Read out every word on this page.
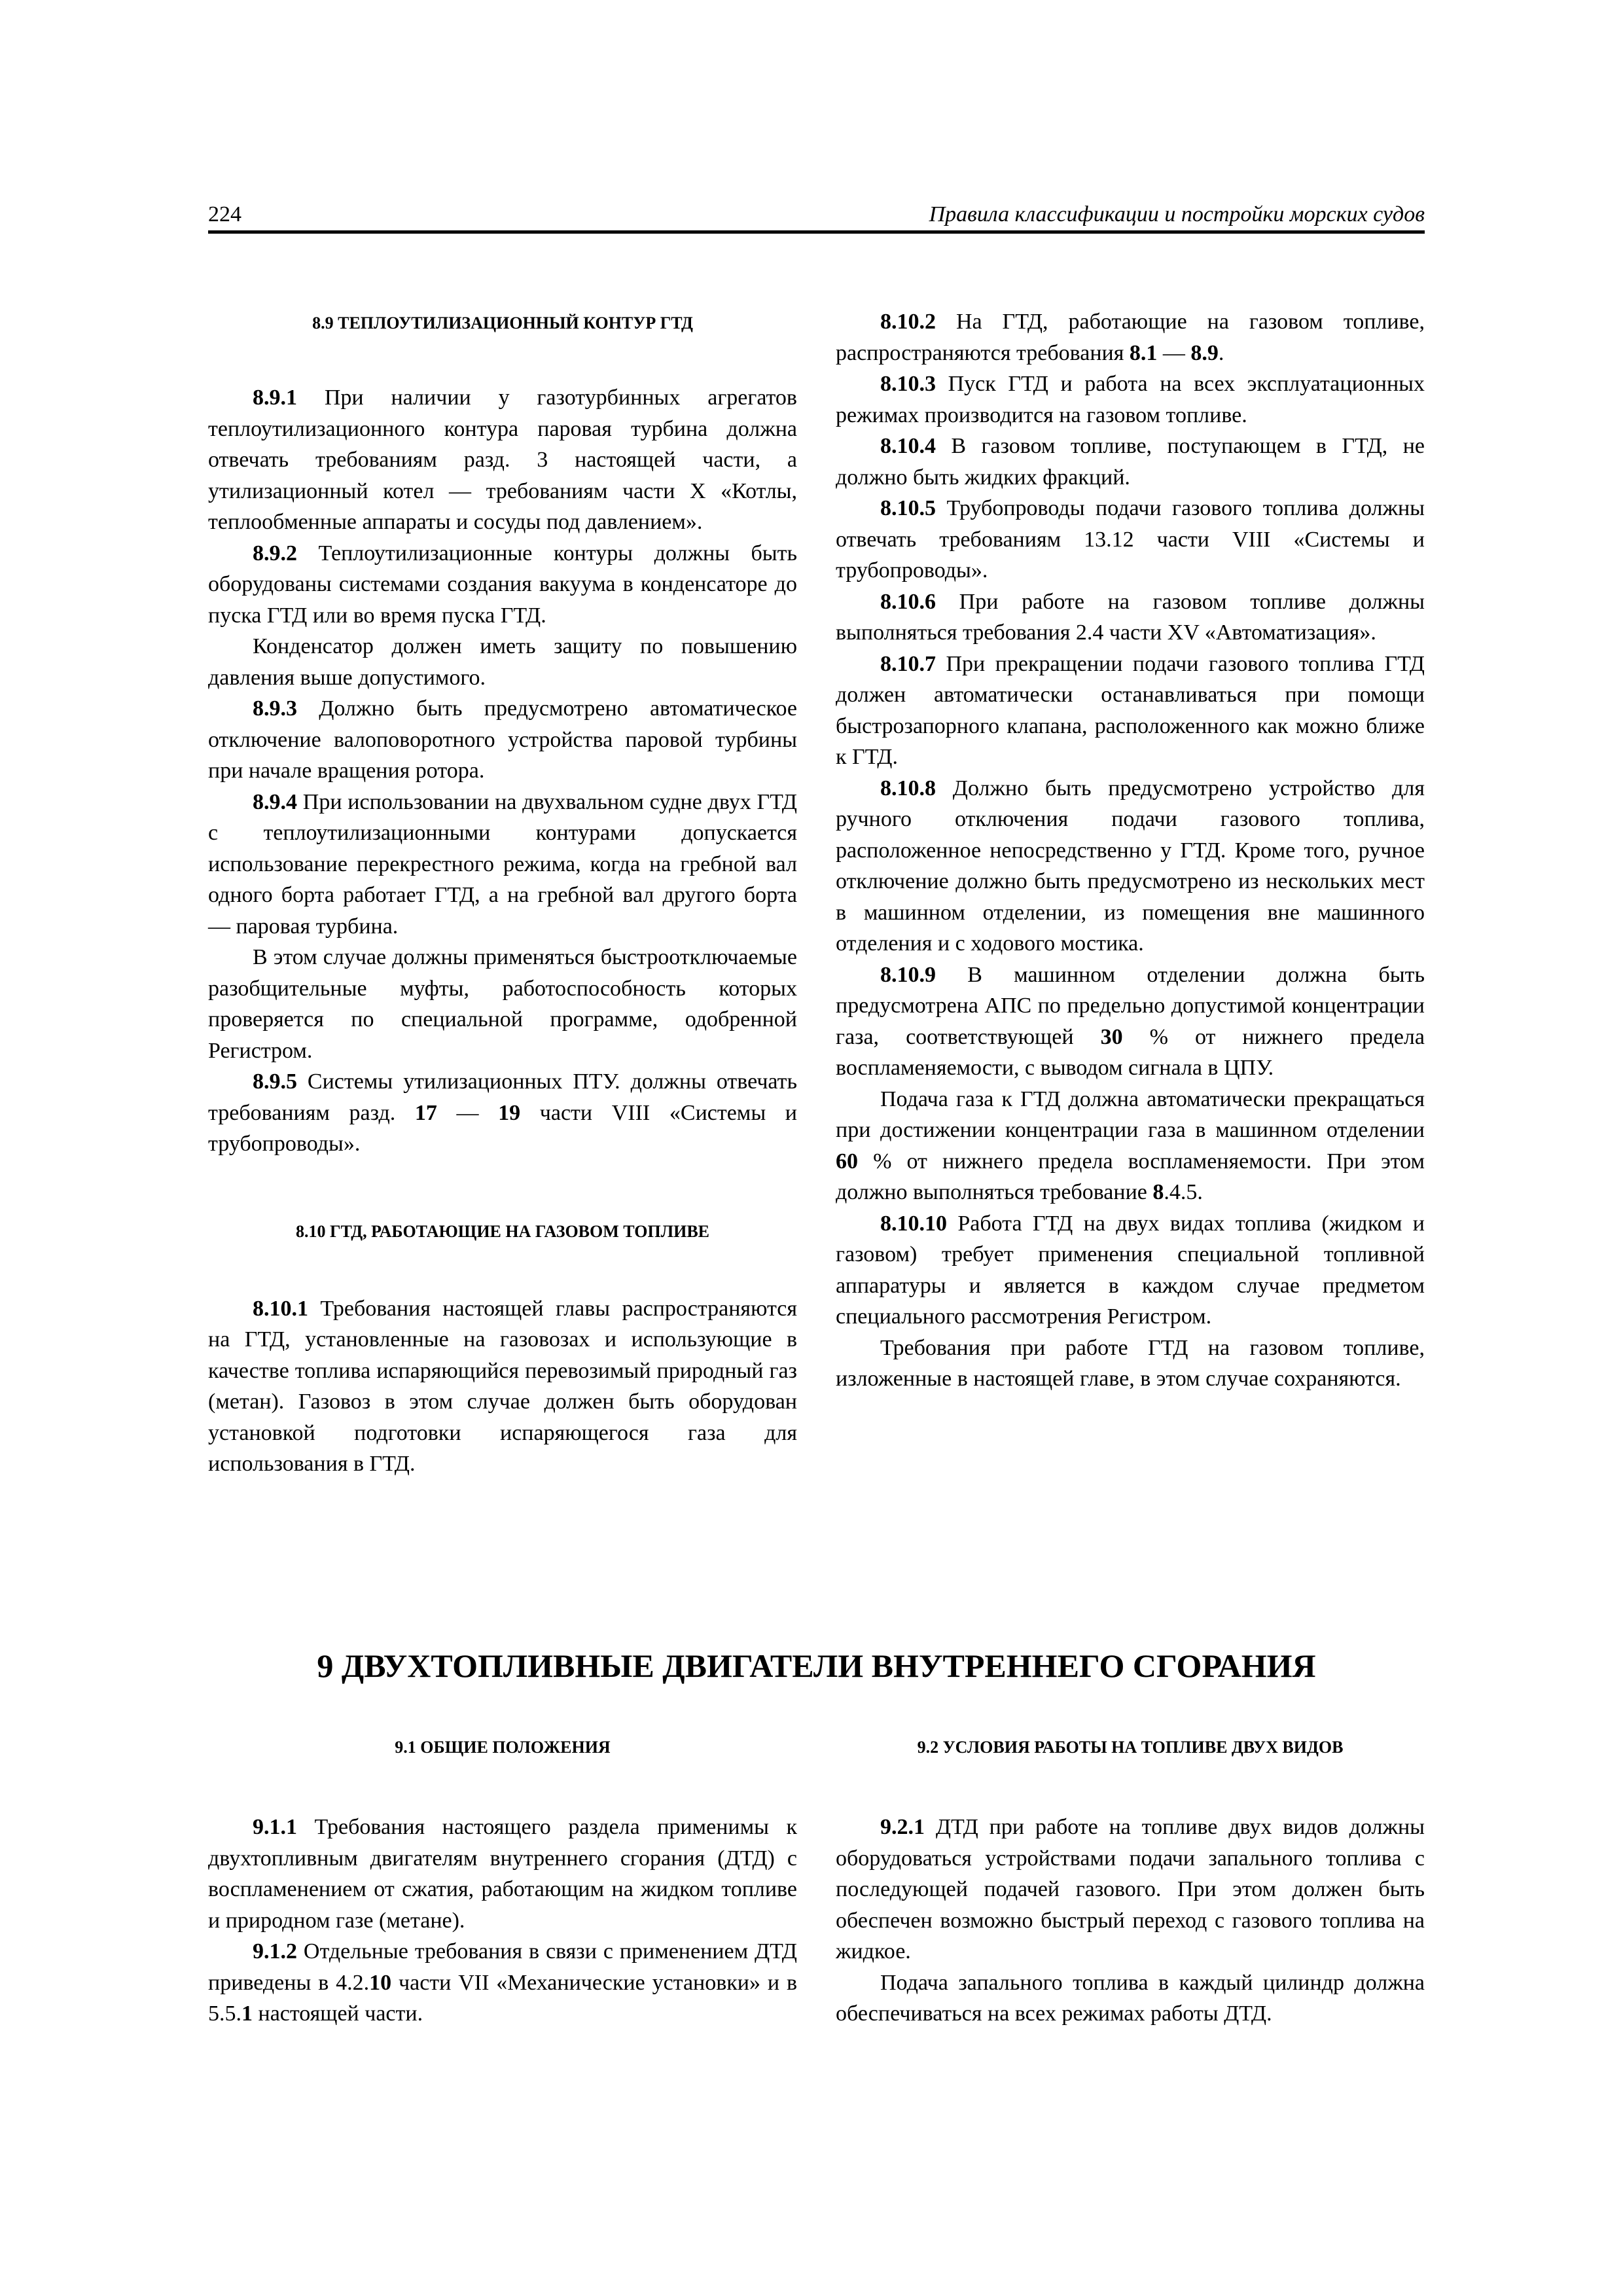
224	Правила классификации и постройки морских судов
8.9 ТЕПЛОУТИЛИЗАЦИОННЫЙ КОНТУР ГТД

8.9.1 При наличии у газотурбинных агрегатов теплоутилизационного контура паровая турбина должна отвечать требованиям разд. 3 настоящей части, а утилизационный котел — требованиям части X «Котлы, теплообменные аппараты и сосуды под давлением».

8.9.2 Теплоутилизационные контуры должны быть оборудованы системами создания вакуума в конденсаторе до пуска ГТД или во время пуска ГТД.

Конденсатор должен иметь защиту по повышению давления выше допустимого.

8.9.3 Должно быть предусмотрено автоматическое отключение валоповоротного устройства паровой турбины при начале вращения ротора.

8.9.4 При использовании на двухвальном судне двух ГТД с теплоутилизационными контурами допускается использование перекрестного режима, когда на гребной вал одного борта работает ГТД, а на гребной вал другого борта — паровая турбина.

В этом случае должны применяться быстроотключаемые разобщительные муфты, работоспособность которых проверяется по специальной программе, одобренной Регистром.

8.9.5 Системы утилизационных ПТУ. должны отвечать требованиям разд. 17 — 19 части VIII «Системы и трубопроводы».

8.10 ГТД, РАБОТАЮЩИЕ НА ГАЗОВОМ ТОПЛИВЕ

8.10.1 Требования настоящей главы распространяются на ГТД, установленные на газовозах и использующие в качестве топлива испаряющийся перевозимый природный газ (метан). Газовоз в этом случае должен быть оборудован установкой подготовки испаряющегося газа для использования в ГТД.

8.10.2 На ГТД, работающие на газовом топливе, распространяются требования 8.1 — 8.9.

8.10.3 Пуск ГТД и работа на всех эксплуатационных режимах производится на газовом топливе.

8.10.4 В газовом топливе, поступающем в ГТД, не должно быть жидких фракций.

8.10.5 Трубопроводы подачи газового топлива должны отвечать требованиям 13.12 части VIII «Системы и трубопроводы».

8.10.6 При работе на газовом топливе должны выполняться требования 2.4 части XV «Автоматизация».

8.10.7 При прекращении подачи газового топлива ГТД должен автоматически останавливаться при помощи быстрозапорного клапана, расположенного как можно ближе к ГТД.

8.10.8 Должно быть предусмотрено устройство для ручного отключения подачи газового топлива, расположенное непосредственно у ГТД. Кроме того, ручное отключение должно быть предусмотрено из нескольких мест в машинном отделении, из помещения вне машинного отделения и с ходового мостика.

8.10.9 В машинном отделении должна быть предусмотрена АПС по предельно допустимой концентрации газа, соответствующей 30 % от нижнего предела воспламеняемости, с выводом сигнала в ЦПУ.

Подача газа к ГТД должна автоматически прекращаться при достижении концентрации газа в машинном отделении 60 % от нижнего предела воспламеняемости. При этом должно выполняться требование 8.4.5.

8.10.10 Работа ГТД на двух видах топлива (жидком и газовом) требует применения специальной топливной аппаратуры и является в каждом случае предметом специального рассмотрения Регистром.

Требования при работе ГТД на газовом топливе, изложенные в настоящей главе, в этом случае сохраняются.

9 ДВУХТОПЛИВНЫЕ ДВИГАТЕЛИ ВНУТРЕННЕГО СГОРАНИЯ
9.1 ОБЩИЕ ПОЛОЖЕНИЯ

9.1.1 Требования настоящего раздела применимы к двухтопливным двигателям внутреннего сгорания (ДТД) с воспламенением от сжатия, работающим на жидком топливе и природном газе (метане).

9.1.2 Отдельные требования в связи с применением ДТД приведены в 4.2.10 части VII «Механические установки» и в 5.5.1 настоящей части.

9.2 УСЛОВИЯ РАБОТЫ НА ТОПЛИВЕ ДВУХ ВИДОВ

9.2.1 ДТД при работе на топливе двух видов должны оборудоваться устройствами подачи запального топлива с последующей подачей газового. При этом должен быть обеспечен возможно быстрый переход с газового топлива на жидкое.

Подача запального топлива в каждый цилиндр должна обеспечиваться на всех режимах работы ДТД.
